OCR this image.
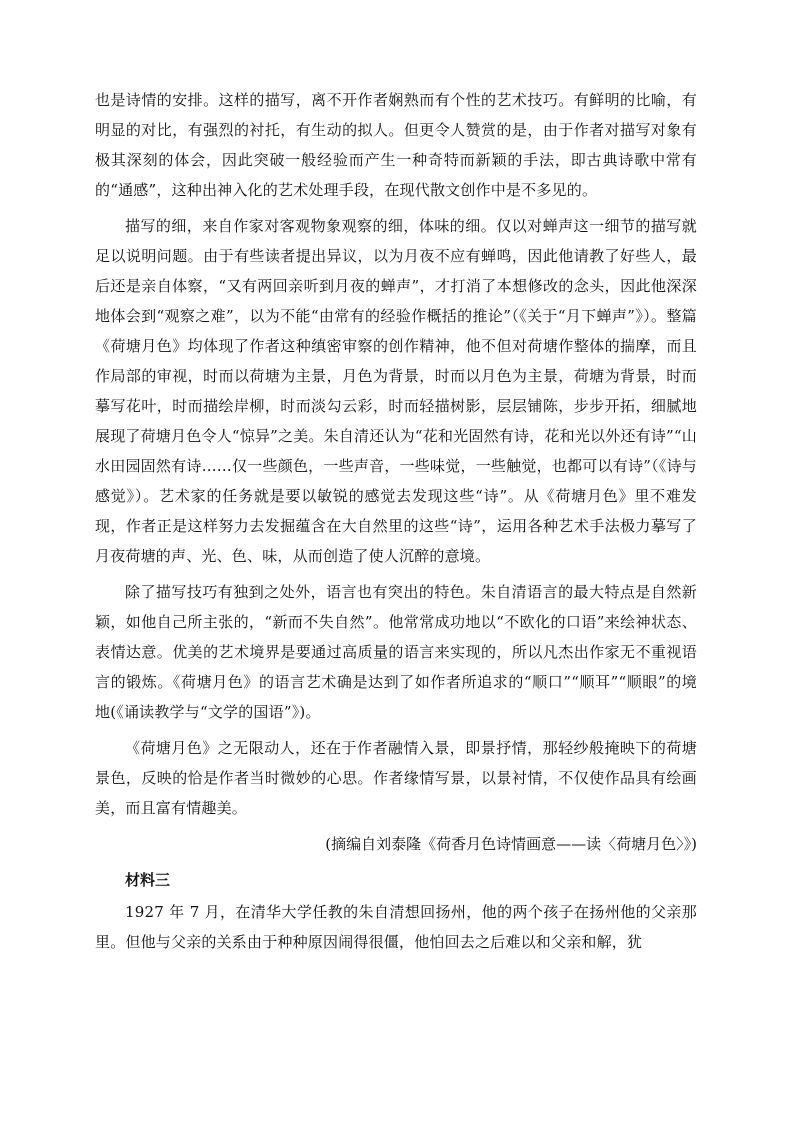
也是诗情的安排。这样的描写，离不开作者娴熟而有个性的艺术技巧。有鲜明的比喻，有明显的对比，有强烈的衬托，有生动的拟人。但更令人赞赏的是，由于作者对描写对象有极其深刻的体会，因此突破一般经验而产生一种奇特而新颖的手法，即古典诗歌中常有的“通感”，这种出神入化的艺术处理手段，在现代散文创作中是不多见的。

描写的细，来自作家对客观物象观察的细，体味的细。仅以对蝉声这一细节的描写就足以说明问题。由于有些读者提出异议，以为月夜不应有蝉鸣，因此他请教了好些人，最后还是亲自体察，“又有两回亲听到月夜的蝉声”，才打消了本想修改的念头，因此他深深地体会到“观察之难”，以为不能“由常有的经验作概括的推论”（《关于“月下蝉声”》）。整篇《荷塘月色》均体现了作者这种缜密审察的创作精神，他不但对荷塘作整体的揣摩，而且作局部的审视，时而以荷塘为主景，月色为背景，时而以月色为主景，荷塘为背景，时而摹写花叶，时而描绘岸柳，时而淡勾云彩，时而轻描树影，层层铺陈，步步开拓，细腻地展现了荷塘月色令人“惊异”之美。朱自清还认为“花和光固然有诗，花和光以外还有诗”“山水田园固然有诗……仅一些颜色，一些声音，一些味觉，一些触觉，也都可以有诗”（《诗与感觉》）。艺术家的任务就是要以敏锐的感觉去发现这些“诗”。从《荷塘月色》里不难发现，作者正是这样努力去发掘蕴含在大自然里的这些“诗”，运用各种艺术手法极力摹写了月夜荷塘的声、光、色、味，从而创造了使人沉醉的意境。

除了描写技巧有独到之处外，语言也有突出的特色。朱自清语言的最大特点是自然新颖，如他自己所主张的，“新而不失自然”。他常常成功地以“不欧化的口语”来绘神状态、表情达意。优美的艺术境界是要通过高质量的语言来实现的，所以凡杰出作家无不重视语言的锻炼。《荷塘月色》的语言艺术确是达到了如作者所追求的“顺口”“顺耳”“顺眼”的境地(《诵读教学与“文学的国语”》)。

《荷塘月色》之无限动人，还在于作者融情入景，即景抒情，那轻纱般掩映下的荷塘景色，反映的恰是作者当时微妙的心思。作者缘情写景，以景衬情，不仅使作品具有绘画美，而且富有情趣美。

(摘编自刘泰隆《荷香月色诗情画意——读〈荷塘月色〉》)

材料三

1927 年 7 月，在清华大学任教的朱自清想回扬州，他的两个孩子在扬州他的父亲那里。但他与父亲的关系由于种种原因闹得很僵，他怕回去之后难以和父亲和解，犹
